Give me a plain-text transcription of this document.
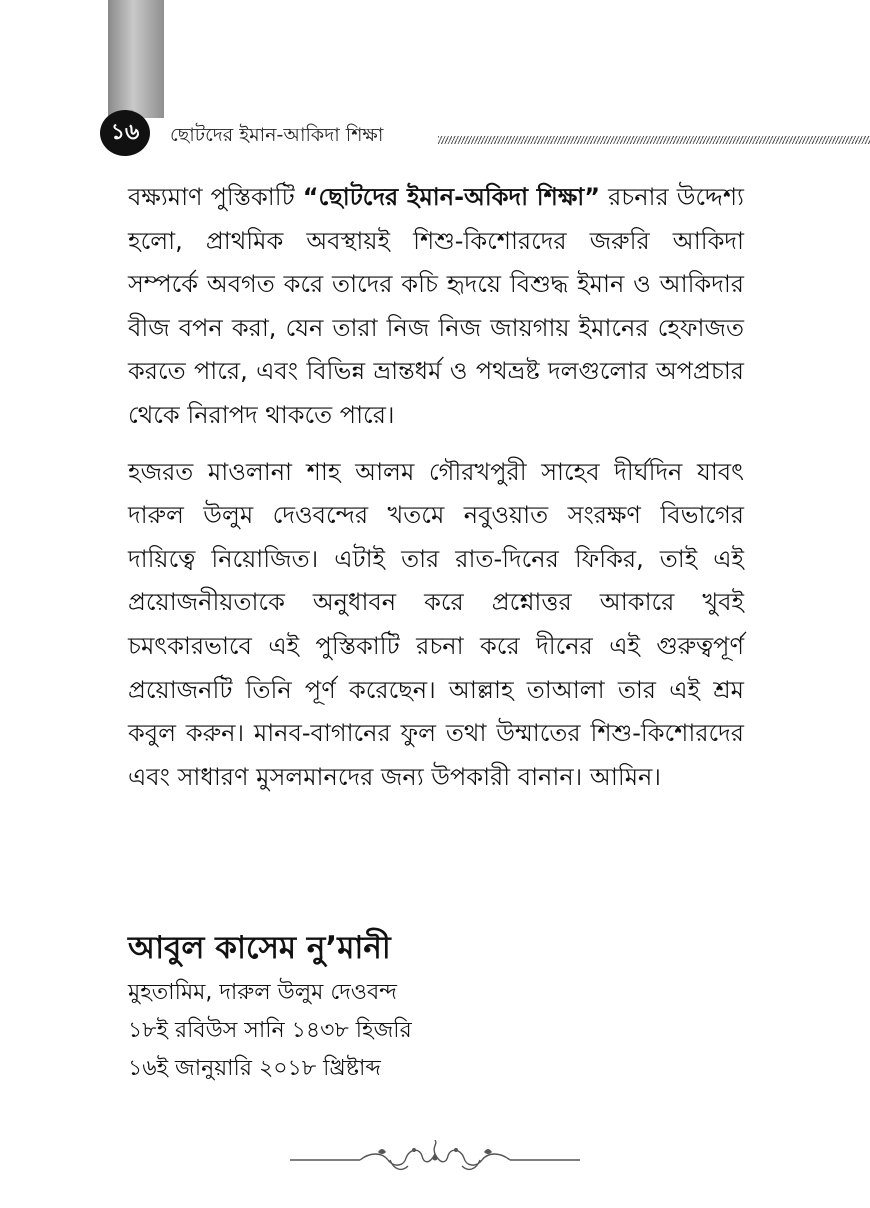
১৬ ছোটদের ইমান-আকিদা শিক্ষা

বক্ষ্যমাণ পুস্তিকাটি “ছোটদের ইমান-অকিদা শিক্ষা” রচনার উদ্দেশ্য হলো, প্রাথমিক অবস্থায়ই শিশু-কিশোরদের জরুরি আকিদা সম্পর্কে অবগত করে তাদের কচি হৃদয়ে বিশুদ্ধ ইমান ও আকিদার বীজ বপন করা, যেন তারা নিজ নিজ জায়গায় ইমানের হেফাজত করতে পারে, এবং বিভিন্ন ভ্রান্তধর্ম ও পথভ্রষ্ট দলগুলোর অপপ্রচার থেকে নিরাপদ থাকতে পারে।

হজরত মাওলানা শাহ আলম গৌরখপুরী সাহেব দীর্ঘদিন যাবৎ দারুল উলুম দেওবন্দের খতমে নবুওয়াত সংরক্ষণ বিভাগের দায়িত্বে নিয়োজিত। এটাই তার রাত-দিনের ফিকির, তাই এই প্রয়োজনীয়তাকে অনুধাবন করে প্রশ্নোত্তর আকারে খুবই চমৎকারভাবে এই পুস্তিকাটি রচনা করে দীনের এই গুরুত্বপূর্ণ প্রয়োজনটি তিনি পূর্ণ করেছেন। আল্লাহ তাআলা তার এই শ্রম কবুল করুন। মানব-বাগানের ফুল তথা উম্মাতের শিশু-কিশোরদের এবং সাধারণ মুসলমানদের জন্য উপকারী বানান। আমিন।

আবুল কাসেম নু’মানী
মুহতামিম, দারুল উলুম দেওবন্দ
১৮ই রবিউস সানি ১৪৩৮ হিজরি
১৬ই জানুয়ারি ২০১৮ খ্রিষ্টাব্দ
